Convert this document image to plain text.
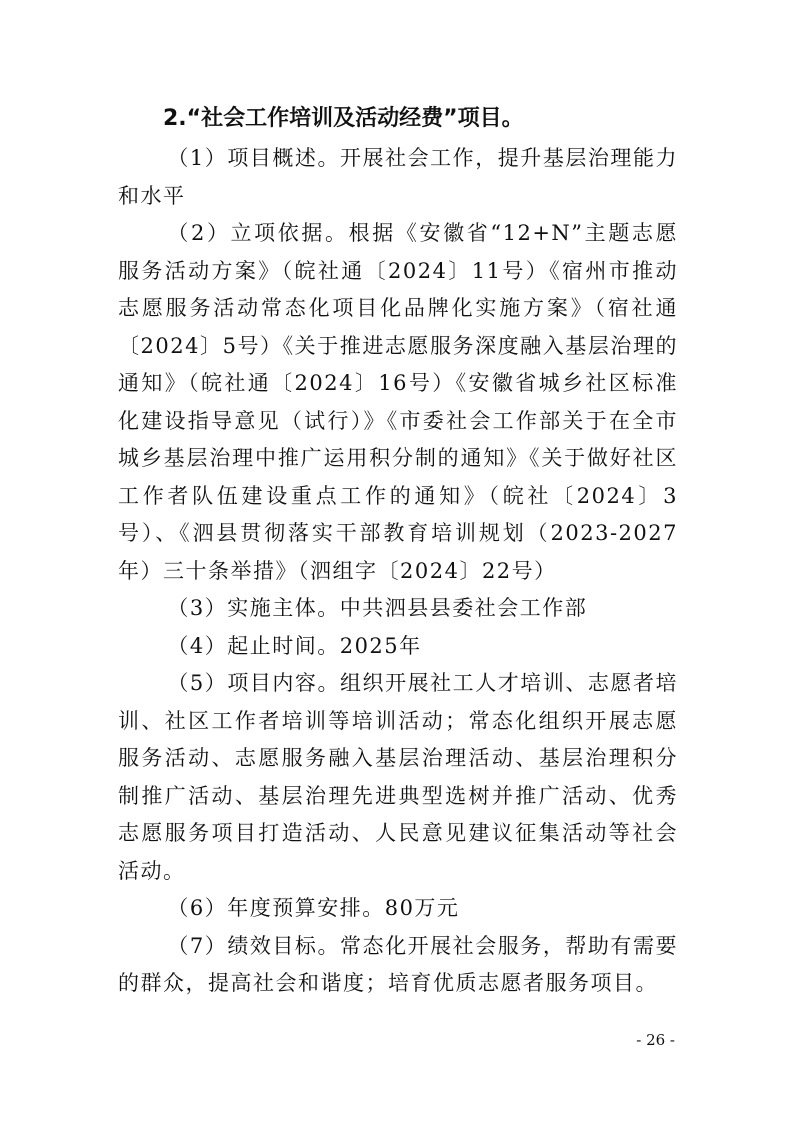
2.“社会工作培训及活动经费”项目。

（1）项目概述。开展社会工作，提升基层治理能力和水平

（2）立项依据。根据《安徽省“12+N”主题志愿服务活动方案》（皖社通〔2024〕11号）《宿州市推动志愿服务活动常态化项目化品牌化实施方案》（宿社通〔2024〕5号）《关于推进志愿服务深度融入基层治理的通知》（皖社通〔2024〕16号）《安徽省城乡社区标准化建设指导意见（试行）》《市委社会工作部关于在全市城乡基层治理中推广运用积分制的通知》《关于做好社区工作者队伍建设重点工作的通知》（皖社〔2024〕3号）、《泗县贯彻落实干部教育培训规划（2023-2027年）三十条举措》（泗组字〔2024〕22号）

（3）实施主体。中共泗县县委社会工作部

（4）起止时间。2025年

（5）项目内容。组织开展社工人才培训、志愿者培训、社区工作者培训等培训活动；常态化组织开展志愿服务活动、志愿服务融入基层治理活动、基层治理积分制推广活动、基层治理先进典型选树并推广活动、优秀志愿服务项目打造活动、人民意见建议征集活动等社会活动。

（6）年度预算安排。80万元

（7）绩效目标。常态化开展社会服务，帮助有需要的群众，提高社会和谐度；培育优质志愿者服务项目。

- 26 -
